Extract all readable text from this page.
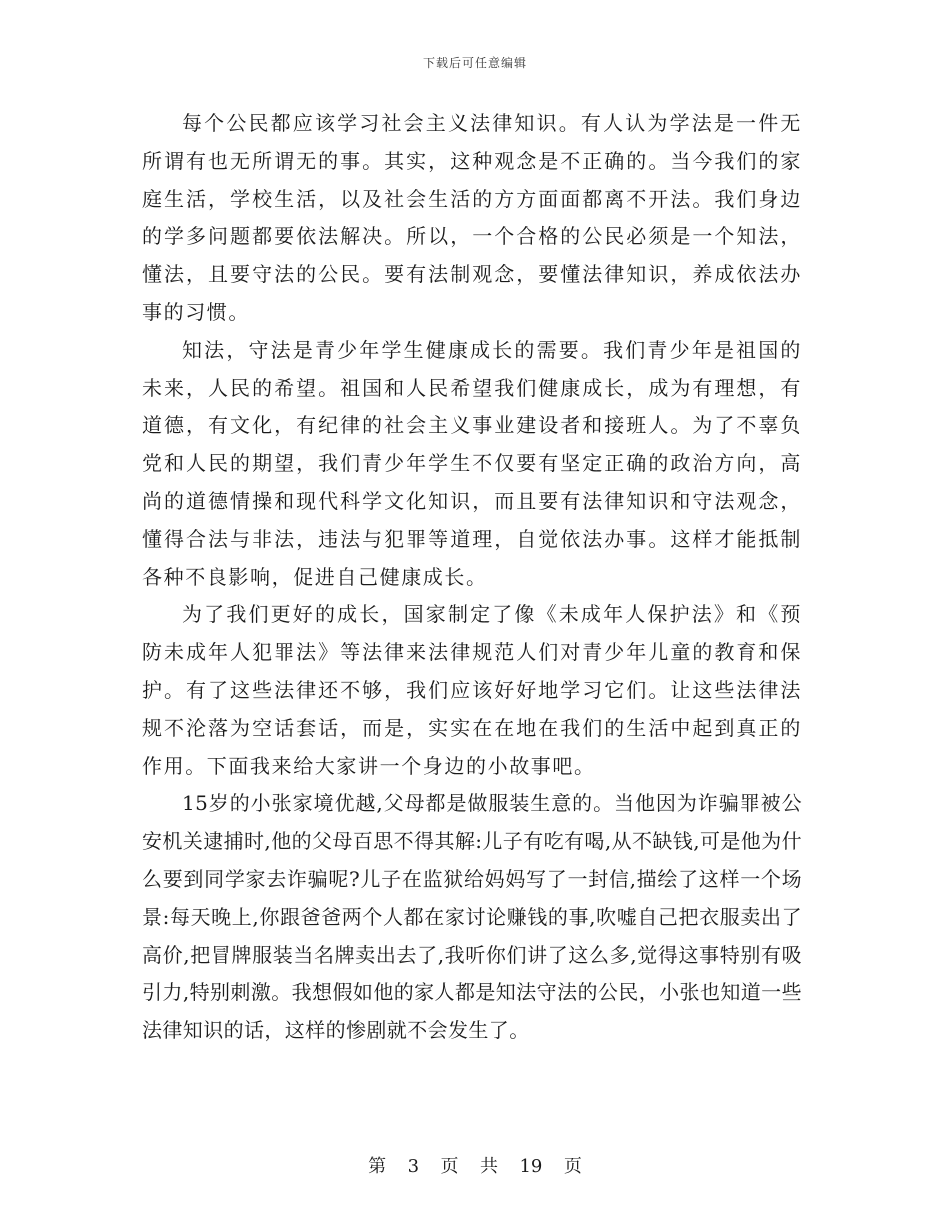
下载后可任意编辑

每个公民都应该学习社会主义法律知识。有人认为学法是一件无所谓有也无所谓无的事。其实，这种观念是不正确的。当今我们的家庭生活，学校生活，以及社会生活的方方面面都离不开法。我们身边的学多问题都要依法解决。所以，一个合格的公民必须是一个知法，懂法，且要守法的公民。要有法制观念，要懂法律知识，养成依法办事的习惯。

知法，守法是青少年学生健康成长的需要。我们青少年是祖国的未来，人民的希望。祖国和人民希望我们健康成长，成为有理想，有道德，有文化，有纪律的社会主义事业建设者和接班人。为了不辜负党和人民的期望，我们青少年学生不仅要有坚定正确的政治方向，高尚的道德情操和现代科学文化知识，而且要有法律知识和守法观念，懂得合法与非法，违法与犯罪等道理，自觉依法办事。这样才能抵制各种不良影响，促进自己健康成长。

为了我们更好的成长，国家制定了像《未成年人保护法》和《预防未成年人犯罪法》等法律来法律规范人们对青少年儿童的教育和保护。有了这些法律还不够，我们应该好好地学习它们。让这些法律法规不沦落为空话套话，而是，实实在在地在我们的生活中起到真正的作用。下面我来给大家讲一个身边的小故事吧。

15岁的小张家境优越,父母都是做服装生意的。当他因为诈骗罪被公安机关逮捕时,他的父母百思不得其解:儿子有吃有喝,从不缺钱,可是他为什么要到同学家去诈骗呢?儿子在监狱给妈妈写了一封信,描绘了这样一个场景:每天晚上,你跟爸爸两个人都在家讨论赚钱的事,吹嘘自己把衣服卖出了高价,把冒牌服装当名牌卖出去了,我听你们讲了这么多,觉得这事特别有吸引力,特别刺激。我想假如他的家人都是知法守法的公民，小张也知道一些法律知识的话，这样的惨剧就不会发生了。

第 3 页 共 19 页
